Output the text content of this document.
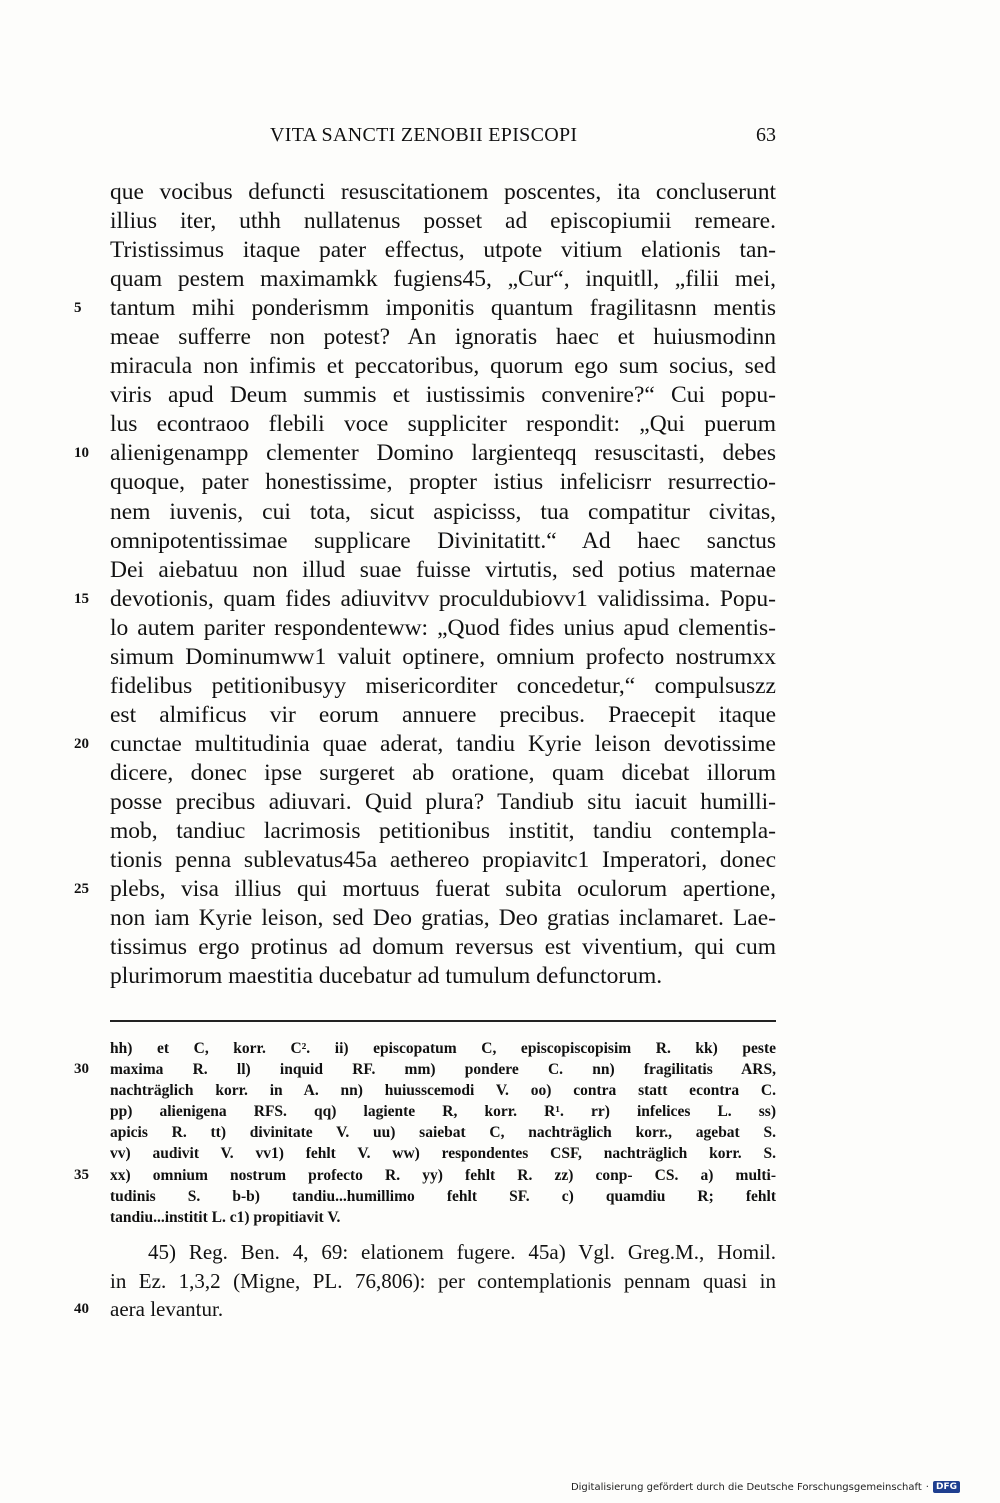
VITA SANCTI ZENOBII EPISCOPI	63
que vocibus defuncti resuscitationem poscentes, ita concluserunt
illius iter, uthh nullatenus posset ad episcopiumii remeare.
Tristissimus itaque pater effectus, utpote vitium elationis tan-
quam pestem maximamkk fugiens45, „Cur“, inquitll, „filii mei,
5 tantum mihi ponderismm imponitis quantum fragilitasnn mentis
meae sufferre non potest? An ignoratis haec et huiusmodinn
miracula non infimis et peccatoribus, quorum ego sum socius, sed
viris apud Deum summis et iustissimis convenire?“ Cui popu-
lus econtraoo flebili voce suppliciter respondit: „Qui puerum
10 alienigenampp clementer Domino largienteqq resuscitasti, debes
quoque, pater honestissime, propter istius infelicisrr resurrectio-
nem iuvenis, cui tota, sicut aspicisss, tua compatitur civitas,
omnipotentissimae supplicare Divinitatitt.“ Ad haec sanctus
Dei aiebatuu non illud suae fuisse virtutis, sed potius maternae
15 devotionis, quam fides adiuvitvv proculdubiovv1 validissima. Popu-
lo autem pariter respondenteww: „Quod fides unius apud clementis-
simum Dominumww1 valuit optinere, omnium profecto nostrumxx
fidelibus petitionibusyy misericorditer concedetur,“ compulsuszz
est almificus vir eorum annuere precibus. Praecepit itaque
20 cunctae multitudinia quae aderat, tandiu Kyrie leison devotissime
dicere, donec ipse surgeret ab oratione, quam dicebat illorum
posse precibus adiuvari. Quid plura? Tandiub situ iacuit humilli-
mob, tandiuc lacrimosis petitionibus institit, tandiu contempla-
tionis penna sublevatus45a aethereo propiavitc1 Imperatori, donec
25 plebs, visa illius qui mortuus fuerat subita oculorum apertione,
non iam Kyrie leison, sed Deo gratias, Deo gratias inclamaret. Lae-
tissimus ergo protinus ad domum reversus est viventium, qui cum
plurimorum maestitia ducebatur ad tumulum defunctorum.
hh) et C, korr. C². ii) episcopatum C, episcopiscopisim R. kk) peste
30 maxima R. ll) inquid RF. mm) pondere C. nn) fragilitatis ARS,
nachträglich korr. in A. nn) huiusscemodi V. oo) contra statt econtra C.
pp) alienigena RFS. qq) lagiente R, korr. R¹. rr) infelices L. ss)
apicis R. tt) divinitate V. uu) saiebat C, nachträglich korr., agebat S.
vv) audivit V. vv1) fehlt V. ww) respondentes CSF, nachträglich korr. S.
35 xx) omnium nostrum profecto R. yy) fehlt R. zz) conp- CS. a) multi-
tudinis S. b-b) tandiu...humillimo fehlt SF. c) quamdiu R; fehlt
tandiu...institit L. c1) propitiavit V.
45) Reg. Ben. 4, 69: elationem fugere. 45a) Vgl. Greg.M., Homil.
in Ez. 1,3,2 (Migne, PL. 76,806): per contemplationis pennam quasi in
40 aera levantur.
Digitalisierung gefördert durch die Deutsche Forschungsgemeinschaft · DFG
